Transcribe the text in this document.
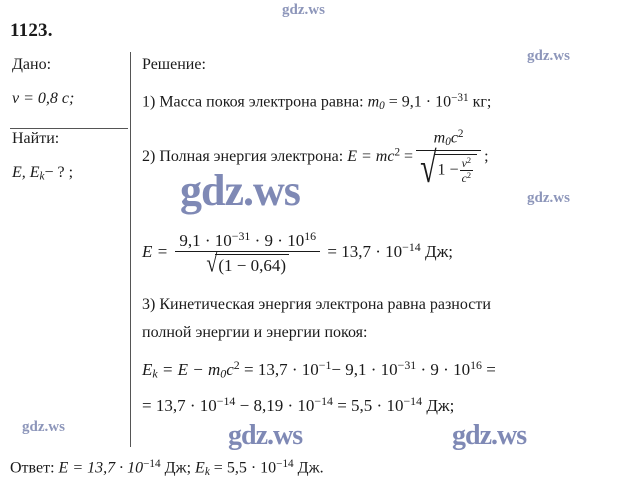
1123.
Дано:
v = 0,8 c;
Найти:
E, $E_k-$ ? ;
Решение:
1) Масса покоя электрона равна: $m_0 = 9,1 \cdot 10^{-31}$ кг;
2) Полная энергия электрона: $E = mc^2 = \frac{m_0c^2}{√1 - \frac{v^2}{c^2}}$ ;
$E = \frac{9,1 \cdot 10^{-31} \cdot 9 \cdot 10^{16}}{√(1 - 0,64)} = 13,7 \cdot 10^{-14}$ Дж;
3) Кинетическая энергия электрона равна разности
полной энергии и энергии покоя:
$E_k = E - m_0c^2 = 13,7 \cdot 10^{-1}- 9,1 \cdot 10^{-31} \cdot 9 \cdot 10^{16}$ =
= $13,7 \cdot 10^{-14} - 8,19 \cdot 10^{-14} = 5,5 \cdot 10^{-14}$ Дж;
Ответ: $E = 13,7 \cdot 10^{-14}$ Дж; $E_k = 5,5 \cdot 10^{-14}$ Дж.
gdz.ws
gdz.ws
gdz.ws	gdz.ws
gdz.ws	gdz.ws	gdz.ws
